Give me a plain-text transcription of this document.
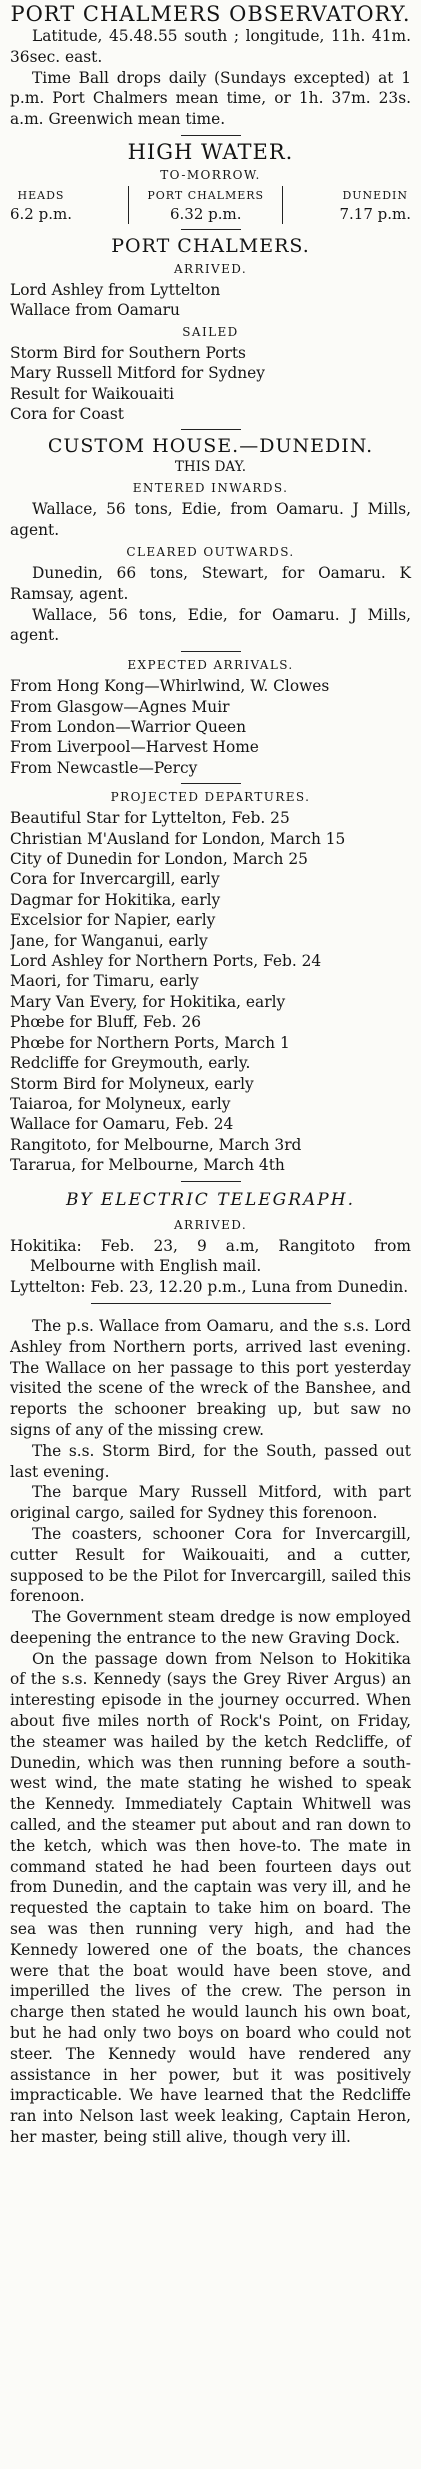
PORT CHALMERS OBSERVATORY.

Latitude, 45.48.55 south ; longitude, 11h. 41m. 36sec. east.

Time Ball drops daily (Sundays excepted) at 1 p.m. Port Chalmers mean time, or 1h. 37m. 23s. a.m. Greenwich mean time.

HIGH WATER.
TO-MORROW.
HEADS
6.2 p.m.
PORT CHALMERS
6.32 p.m.
DUNEDIN
7.17 p.m.
PORT CHALMERS.
ARRIVED.
Lord Ashley from Lyttelton
Wallace from Oamaru
SAILED
Storm Bird for Southern Ports
Mary Russell Mitford for Sydney
Result for Waikouaiti
Cora for Coast
CUSTOM HOUSE.—DUNEDIN.
THIS DAY.
ENTERED INWARDS.

Wallace, 56 tons, Edie, from Oamaru. J Mills, agent.

CLEARED OUTWARDS.

Dunedin, 66 tons, Stewart, for Oamaru. K Ramsay, agent.

Wallace, 56 tons, Edie, for Oamaru. J Mills, agent.

EXPECTED ARRIVALS.
From Hong Kong—Whirlwind, W. Clowes
From Glasgow—Agnes Muir
From London—Warrior Queen
From Liverpool—Harvest Home
From Newcastle—Percy
PROJECTED DEPARTURES.
Beautiful Star for Lyttelton, Feb. 25
Christian M'Ausland for London, March 15
City of Dunedin for London, March 25
Cora for Invercargill, early
Dagmar for Hokitika, early
Excelsior for Napier, early
Jane, for Wanganui, early
Lord Ashley for Northern Ports, Feb. 24
Maori, for Timaru, early
Mary Van Every, for Hokitika, early
Phœbe for Bluff, Feb. 26
Phœbe for Northern Ports, March 1
Redcliffe for Greymouth, early.
Storm Bird for Molyneux, early
Taiaroa, for Molyneux, early
Wallace for Oamaru, Feb. 24
Rangitoto, for Melbourne, March 3rd
Tararua, for Melbourne, March 4th
BY ELECTRIC TELEGRAPH.
ARRIVED.

Hokitika: Feb. 23, 9 a.m, Rangitoto from Melbourne with English mail.

Lyttelton: Feb. 23, 12.20 p.m., Luna from Dunedin.

The p.s. Wallace from Oamaru, and the s.s. Lord Ashley from Northern ports, arrived last evening. The Wallace on her passage to this port yesterday visited the scene of the wreck of the Banshee, and reports the schooner breaking up, but saw no signs of any of the missing crew.

The s.s. Storm Bird, for the South, passed out last evening.

The barque Mary Russell Mitford, with part original cargo, sailed for Sydney this forenoon.

The coasters, schooner Cora for Invercargill, cutter Result for Waikouaiti, and a cutter, supposed to be the Pilot for Invercargill, sailed this forenoon.

The Government steam dredge is now employed deepening the entrance to the new Graving Dock.

On the passage down from Nelson to Hokitika of the s.s. Kennedy (says the Grey River Argus) an interesting episode in the journey occurred. When about five miles north of Rock's Point, on Friday, the steamer was hailed by the ketch Redcliffe, of Dunedin, which was then running before a south-west wind, the mate stating he wished to speak the Kennedy. Immediately Captain Whitwell was called, and the steamer put about and ran down to the ketch, which was then hove-to. The mate in command stated he had been fourteen days out from Dunedin, and the captain was very ill, and he requested the captain to take him on board. The sea was then running very high, and had the Kennedy lowered one of the boats, the chances were that the boat would have been stove, and imperilled the lives of the crew. The person in charge then stated he would launch his own boat, but he had only two boys on board who could not steer. The Kennedy would have rendered any assistance in her power, but it was positively impracticable. We have learned that the Redcliffe ran into Nelson last week leaking, Captain Heron, her master, being still alive, though very ill.
